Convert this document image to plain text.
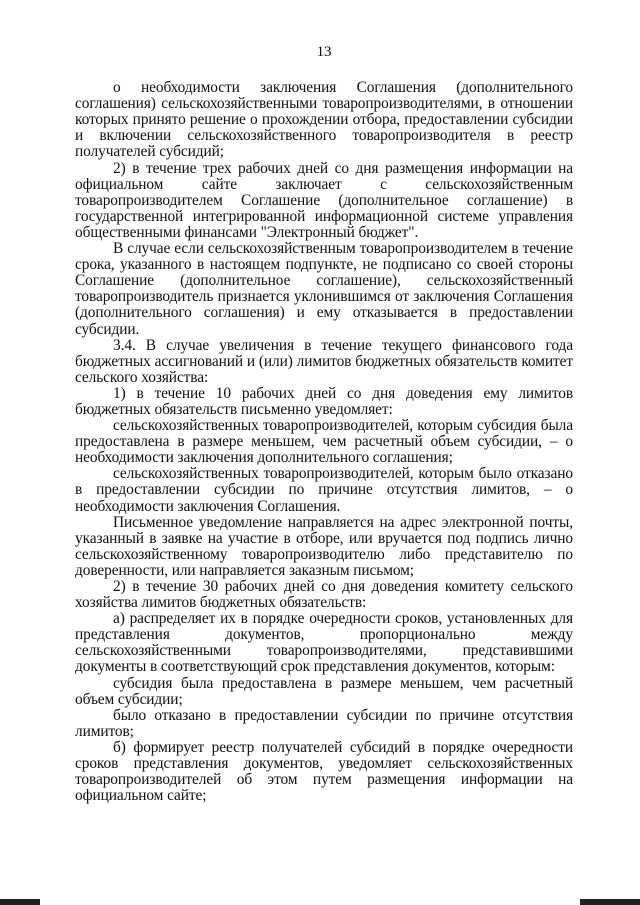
13

о необходимости заключения Соглашения (дополнительного соглашения) сельскохозяйственными товаропроизводителями, в отношении которых принято решение о прохождении отбора, предоставлении субсидии и включении сельскохозяйственного товаропроизводителя в реестр получателей субсидий;

2) в течение трех рабочих дней со дня размещения информации на официальном сайте заключает с сельскохозяйственным товаропроизводителем Соглашение (дополнительное соглашение) в государственной интегрированной информационной системе управления общественными финансами "Электронный бюджет".

В случае если сельскохозяйственным товаропроизводителем в течение срока, указанного в настоящем подпункте, не подписано со своей стороны Соглашение (дополнительное соглашение), сельскохозяйственный товаропроизводитель признается уклонившимся от заключения Соглашения (дополнительного соглашения) и ему отказывается в предоставлении субсидии.

3.4. В случае увеличения в течение текущего финансового года бюджетных ассигнований и (или) лимитов бюджетных обязательств комитет сельского хозяйства:

1) в течение 10 рабочих дней со дня доведения ему лимитов бюджетных обязательств письменно уведомляет:

сельскохозяйственных товаропроизводителей, которым субсидия была предоставлена в размере меньшем, чем расчетный объем субсидии, – о необходимости заключения дополнительного соглашения;

сельскохозяйственных товаропроизводителей, которым было отказано в предоставлении субсидии по причине отсутствия лимитов, – о необходимости заключения Соглашения.

Письменное уведомление направляется на адрес электронной почты, указанный в заявке на участие в отборе, или вручается под подпись лично сельскохозяйственному товаропроизводителю либо представителю по доверенности, или направляется заказным письмом;

2) в течение 30 рабочих дней со дня доведения комитету сельского хозяйства лимитов бюджетных обязательств:

а) распределяет их в порядке очередности сроков, установленных для представления документов, пропорционально между сельскохозяйственными товаропроизводителями, представившими документы в соответствующий срок представления документов, которым:

субсидия была предоставлена в размере меньшем, чем расчетный объем субсидии;

было отказано в предоставлении субсидии по причине отсутствия лимитов;

б) формирует реестр получателей субсидий в порядке очередности сроков представления документов, уведомляет сельскохозяйственных товаропроизводителей об этом путем размещения информации на официальном сайте;
